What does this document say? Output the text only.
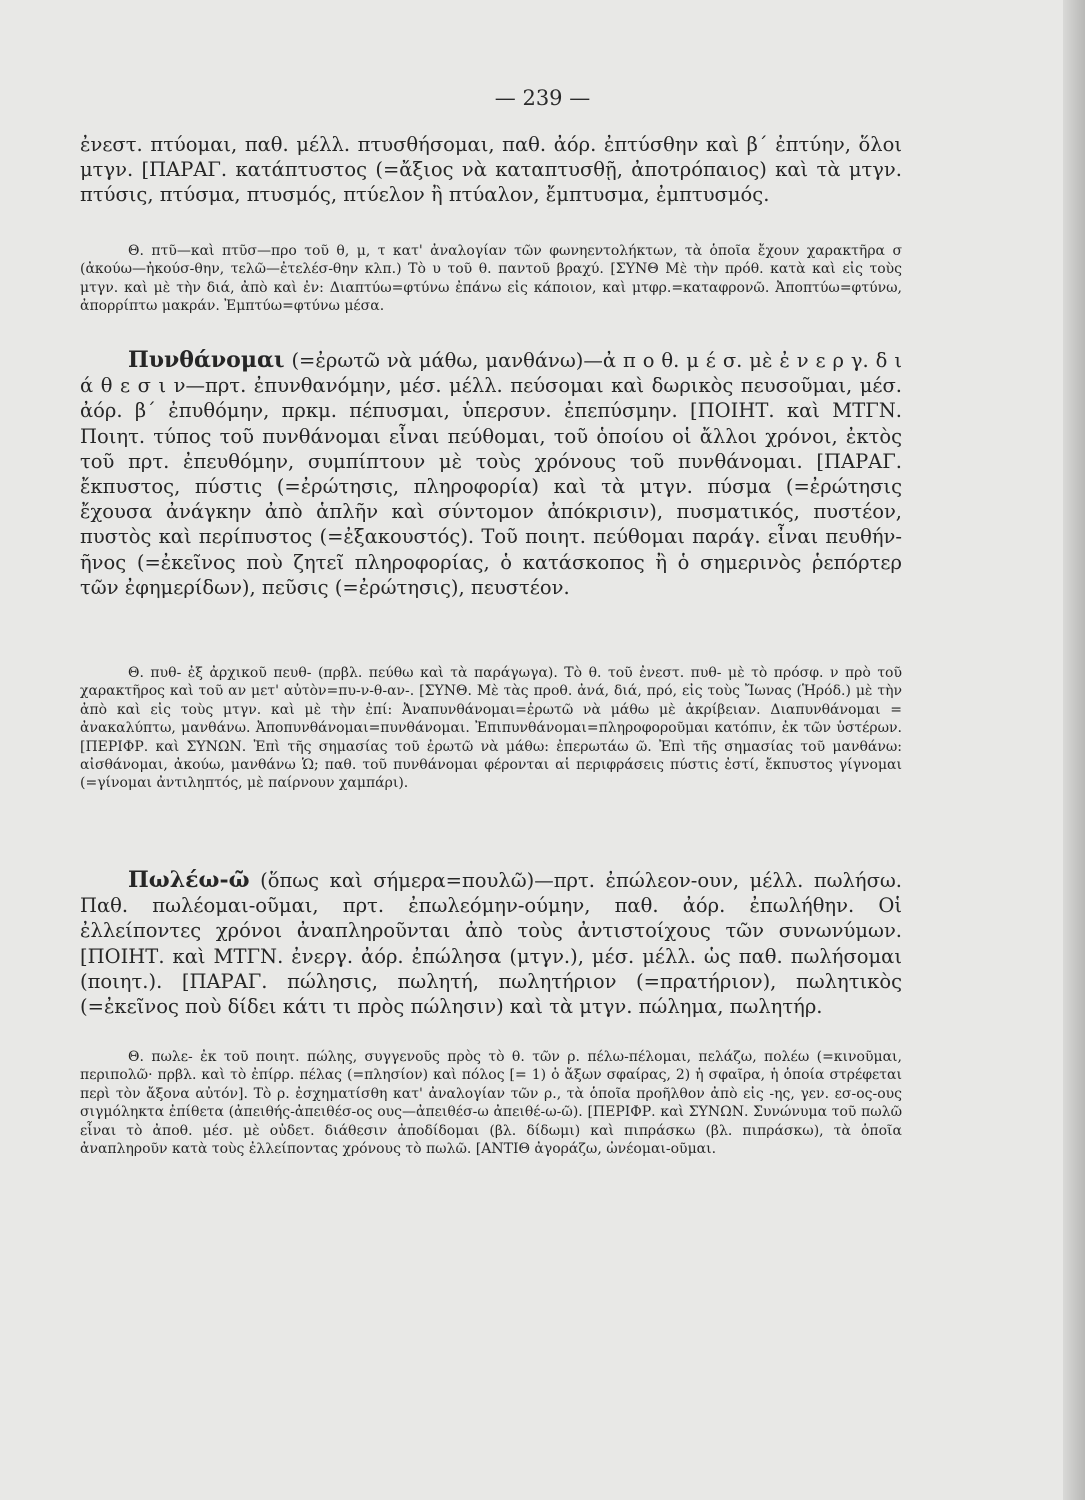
— 239 —

ἐνεστ. πτύομαι, παθ. μέλλ. πτυσθήσομαι, παθ. ἀόρ. ἐπτύσθην καὶ β΄ ἐπτύην, ὅλοι μτγν. [ΠΑΡΑΓ. κατάπτυστος (=ἄξιος νὰ καταπτυσθῇ, ἀποτρόπαιος) καὶ τὰ μτγν. πτύσις, πτύσμα, πτυσμός, πτύελον ἢ πτύαλον, ἔμπτυσμα, ἐμπτυσμός.

Θ. πτῦ—καὶ πτῦσ—προ τοῦ θ, μ, τ κατ' ἀναλογίαν τῶν φωνηεντολήκτων, τὰ ὁποῖα ἔχουν χαρακτῆρα σ (ἀκούω—ἠκούσ-θην, τελῶ—ἐτελέσ-θην κλπ.) Τὸ υ τοῦ θ. παντοῦ βραχύ. [ΣΥΝΘ Μὲ τὴν πρόθ. κατὰ καὶ εἰς τοὺς μτγν. καὶ μὲ τὴν διά, ἀπὸ καὶ ἐν: Διαπτύω=φτύνω ἐπάνω εἰς κάποιον, καὶ μτφρ.=καταφρονῶ. Ἀποπτύω=φτύνω, ἀπορρίπτω μακράν. Ἐμπτύω=φτύνω μέσα.

Πυνθάνομαι (=ἐρωτῶ νὰ μάθω, μανθάνω)—ἀ π ο θ. μ έ σ. μὲ ἐ ν ε ρ γ. δ ι ά θ ε σ ι ν—πρτ. ἐπυνθανόμην, μέσ. μέλλ. πεύσομαι καὶ δωρικὸς πευσοῦμαι, μέσ. ἀόρ. β΄ ἐπυθόμην, πρκμ. πέπυσμαι, ὑπερσυν. ἐπεπύσμην. [ΠΟΙΗΤ. καὶ ΜΤΓΝ. Ποιητ. τύπος τοῦ πυνθάνομαι εἶναι πεύθομαι, τοῦ ὁποίου οἱ ἄλλοι χρόνοι, ἐκτὸς τοῦ πρτ. ἐπευθόμην, συμπίπτουν μὲ τοὺς χρόνους τοῦ πυνθάνομαι. [ΠΑΡΑΓ. ἔκπυστος, πύστις (=ἐρώτησις, πληροφορία) καὶ τὰ μτγν. πύσμα (=ἐρώτησις ἔχουσα ἀνάγκην ἀπὸ ἁπλῆν καὶ σύντομον ἀπόκρισιν), πυσματικός, πυστέον, πυστὸς καὶ περίπυστος (=ἐξακουστός). Τοῦ ποιητ. πεύθομαι παράγ. εἶναι πευθήν-ῆνος (=ἐκεῖνος ποὺ ζητεῖ πληροφορίας, ὁ κατάσκοπος ἢ ὁ σημερινὸς ῥεπόρτερ τῶν ἐφημερίδων), πεῦσις (=ἐρώτησις), πευστέον.

Θ. πυθ- ἐξ ἀρχικοῦ πευθ- (πρβλ. πεύθω καὶ τὰ παράγωγα). Τὸ θ. τοῦ ἐνεστ. πυθ- μὲ τὸ πρόσφ. ν πρὸ τοῦ χαρακτῆρος καὶ τοῦ αν μετ' αὐτὸν=πυ-ν-θ-αν-. [ΣΥΝΘ. Μὲ τὰς προθ. ἀνά, διά, πρό, εἰς τοὺς Ἴωνας (Ἡρόδ.) μὲ τὴν ἀπὸ καὶ εἰς τοὺς μτγν. καὶ μὲ τὴν ἐπί: Ἀναπυνθάνομαι=ἐρωτῶ νὰ μάθω μὲ ἀκρίβειαν. Διαπυνθάνομαι = ἀνακαλύπτω, μανθάνω. Ἀποπυνθάνομαι=πυνθάνομαι. Ἐπιπυνθάνομαι=πληροφοροῦμαι κατόπιν, ἐκ τῶν ὑστέρων. [ΠΕΡΙΦΡ. καὶ ΣΥΝΩΝ. Ἐπὶ τῆς σημασίας τοῦ ἐρωτῶ νὰ μάθω: ἐπερωτάω ῶ. Ἐπὶ τῆς σημασίας τοῦ μανθάνω: αἰσθάνομαι, ἀκούω, μανθάνω Ὡ; παθ. τοῦ πυνθάνομαι φέρονται αἱ περιφράσεις πύστις ἐστί, ἔκπυστος γίγνομαι (=γίνομαι ἀντιληπτός, μὲ παίρνουν χαμπάρι).

Πωλέω-ῶ (ὅπως καὶ σήμερα=πουλῶ)—πρτ. ἐπώλεον-ουν, μέλλ. πωλήσω. Παθ. πωλέομαι-οῦμαι, πρτ. ἐπωλεόμην-ούμην, παθ. ἀόρ. ἐπωλήθην. Οἱ ἐλλείποντες χρόνοι ἀναπληροῦνται ἀπὸ τοὺς ἀντιστοίχους τῶν συνωνύμων. [ΠΟΙΗΤ. καὶ ΜΤΓΝ. ἐνεργ. ἀόρ. ἐπώλησα (μτγν.), μέσ. μέλλ. ὡς παθ. πωλήσομαι (ποιητ.). [ΠΑΡΑΓ. πώλησις, πωλητή, πωλητήριον (=πρατήριον), πωλητικὸς (=ἐκεῖνος ποὺ δίδει κάτι τι πρὸς πώλησιν) καὶ τὰ μτγν. πώλημα, πωλητήρ.

Θ. πωλε- ἐκ τοῦ ποιητ. πώλης, συγγενοῦς πρὸς τὸ θ. τῶν ρ. πέλω-πέλομαι, πελάζω, πολέω (=κινοῦμαι, περιπολῶ· πρβλ. καὶ τὸ ἐπίρρ. πέλας (=πλησίον) καὶ πόλος [= 1) ὁ ἄξων σφαίρας, 2) ἡ σφαῖρα, ἡ ὁποία στρέφεται περὶ τὸν ἄξονα αὐτόν]. Τὸ ρ. ἐσχηματίσθη κατ' ἀναλογίαν τῶν ρ., τὰ ὁποῖα προῆλθον ἀπὸ εἰς -ης, γεν. εσ-ος-ους σιγμόληκτα ἐπίθετα (ἀπειθής-ἀπειθέσ-ος ους—ἀπειθέσ-ω ἀπειθέ-ω-ῶ). [ΠΕΡΙΦΡ. καὶ ΣΥΝΩΝ. Συνώνυμα τοῦ πωλῶ εἶναι τὸ ἀποθ. μέσ. μὲ οὐδετ. διάθεσιν ἀποδίδομαι (βλ. δίδωμι) καὶ πιπράσκω (βλ. πιπράσκω), τὰ ὁποῖα ἀναπληροῦν κατὰ τοὺς ἐλλείποντας χρόνους τὸ πωλῶ. [ΑΝΤΙΘ ἀγοράζω, ὠνέομαι-οῦμαι.
